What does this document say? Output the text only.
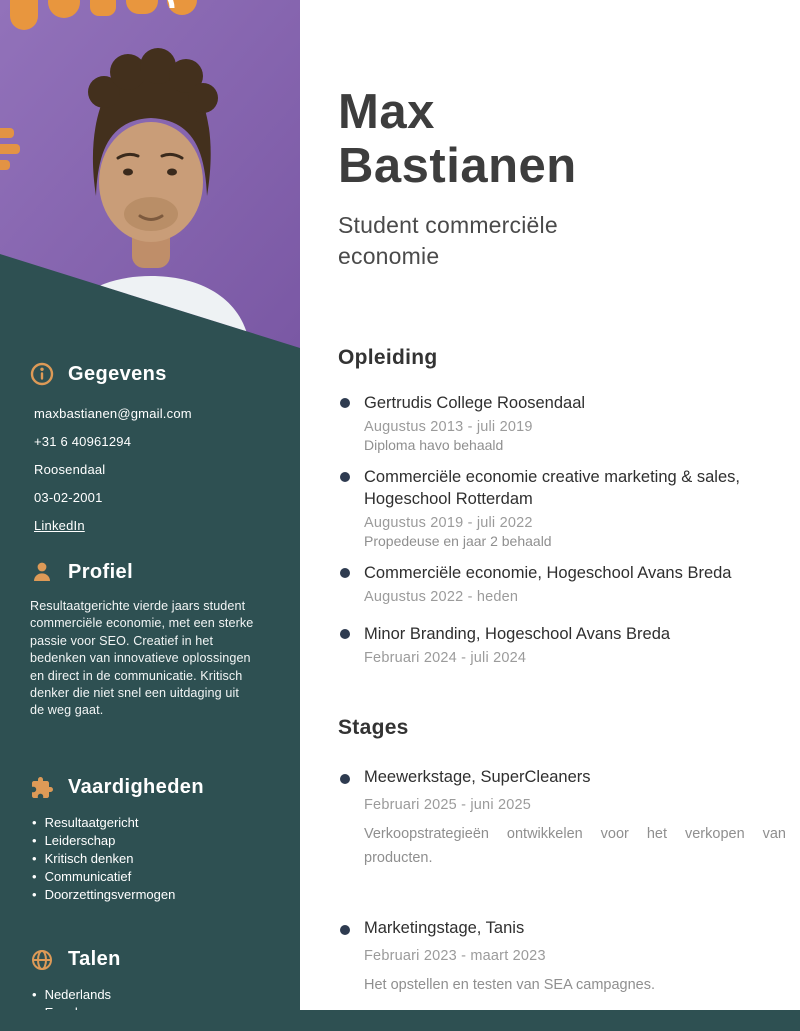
Gegevens
maxbastianen@gmail.com
+31 6 40961294
Roosendaal
03-02-2001
LinkedIn
Profiel

Resultaatgerichte vierde jaars student commerciële economie, met een sterke passie voor SEO. Creatief in het bedenken van innovatieve oplossingen en direct in de communicatie. Kritisch denker die niet snel een uitdaging uit de weg gaat.

Vaardigheden
• Resultaatgericht
• Leiderschap
• Kritisch denken
• Communicatief
• Doorzettingsvermogen
Talen
• Nederlands
•
Max
Bastianen

Student commerciële economie

Opleiding
Gertrudis College Roosendaal
Augustus 2013 - juli 2019
Diploma havo behaald
Commerciële economie creative marketing & sales, Hogeschool Rotterdam
Augustus 2019 - juli 2022
Propedeuse en jaar 2 behaald
Commerciële economie, Hogeschool Avans Breda
Augustus 2022 - heden
Minor Branding, Hogeschool Avans Breda
Februari 2024 - juli 2024
Stages
Meewerkstage, SuperCleaners
Februari 2025 - juni 2025
Verkoopstrategieën ontwikkelen voor het verkopen van producten.
Marketingstage, Tanis
Februari 2023 - maart 2023
Het opstellen en testen van SEA campagnes.
